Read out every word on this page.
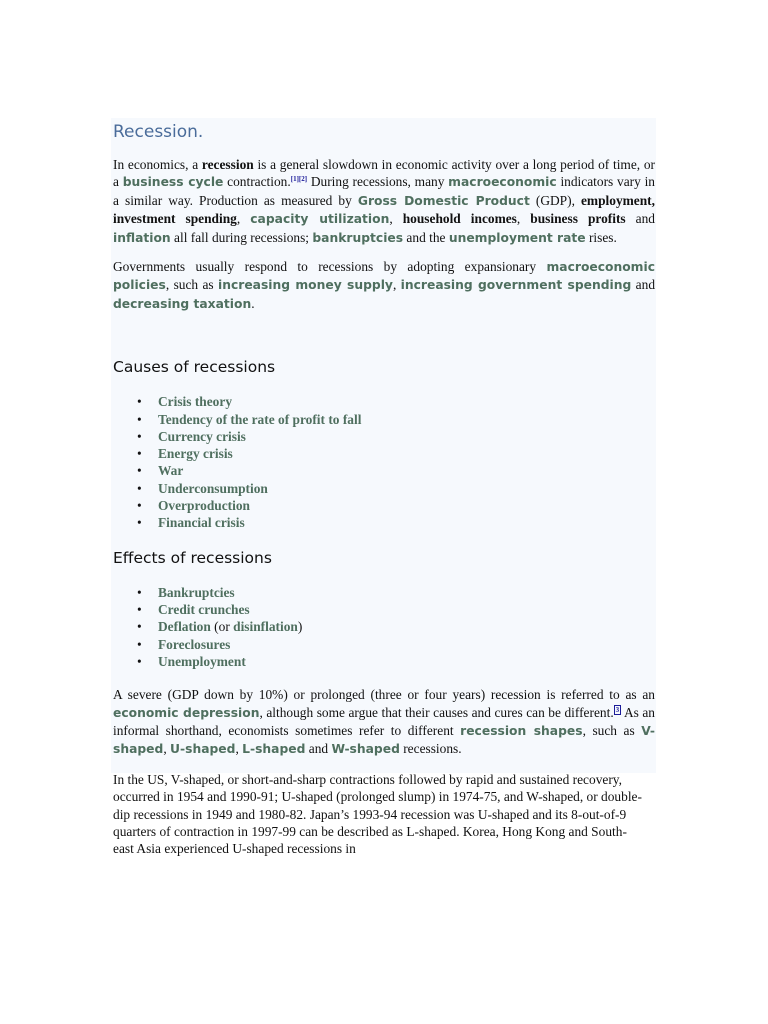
Recession.

In economics, a recession is a general slowdown in economic activity over a long period of time, or a business cycle contraction.[1][2] During recessions, many macroeconomic indicators vary in a similar way. Production as measured by Gross Domestic Product (GDP), employment, investment spending, capacity utilization, household incomes, business profits and inflation all fall during recessions; bankruptcies and the unemployment rate rises.

Governments usually respond to recessions by adopting expansionary macroeconomic policies, such as increasing money supply, increasing government spending and decreasing taxation.

Causes of recessions
• Crisis theory
• Tendency of the rate of profit to fall
• Currency crisis
• Energy crisis
• War
• Underconsumption
• Overproduction
• Financial crisis
Effects of recessions
• Bankruptcies
• Credit crunches
• Deflation (or disinflation)
• Foreclosures
• Unemployment

A severe (GDP down by 10%) or prolonged (three or four years) recession is referred to as an economic depression, although some argue that their causes and cures can be different. $^3$ As an informal shorthand, economists sometimes refer to different recession shapes, such as V-shaped, U-shaped, L-shaped and W-shaped recessions.

In the US, V-shaped, or short-and-sharp contractions followed by rapid and sustained recovery, occurred in 1954 and 1990-91; U-shaped (prolonged slump) in 1974-75, and W-shaped, or double-dip recessions in 1949 and 1980-82. Japan’s 1993-94 recession was U-shaped and its 8-out-of-9 quarters of contraction in 1997-99 can be described as L-shaped. Korea, Hong Kong and South-east Asia experienced U-shaped recessions in
